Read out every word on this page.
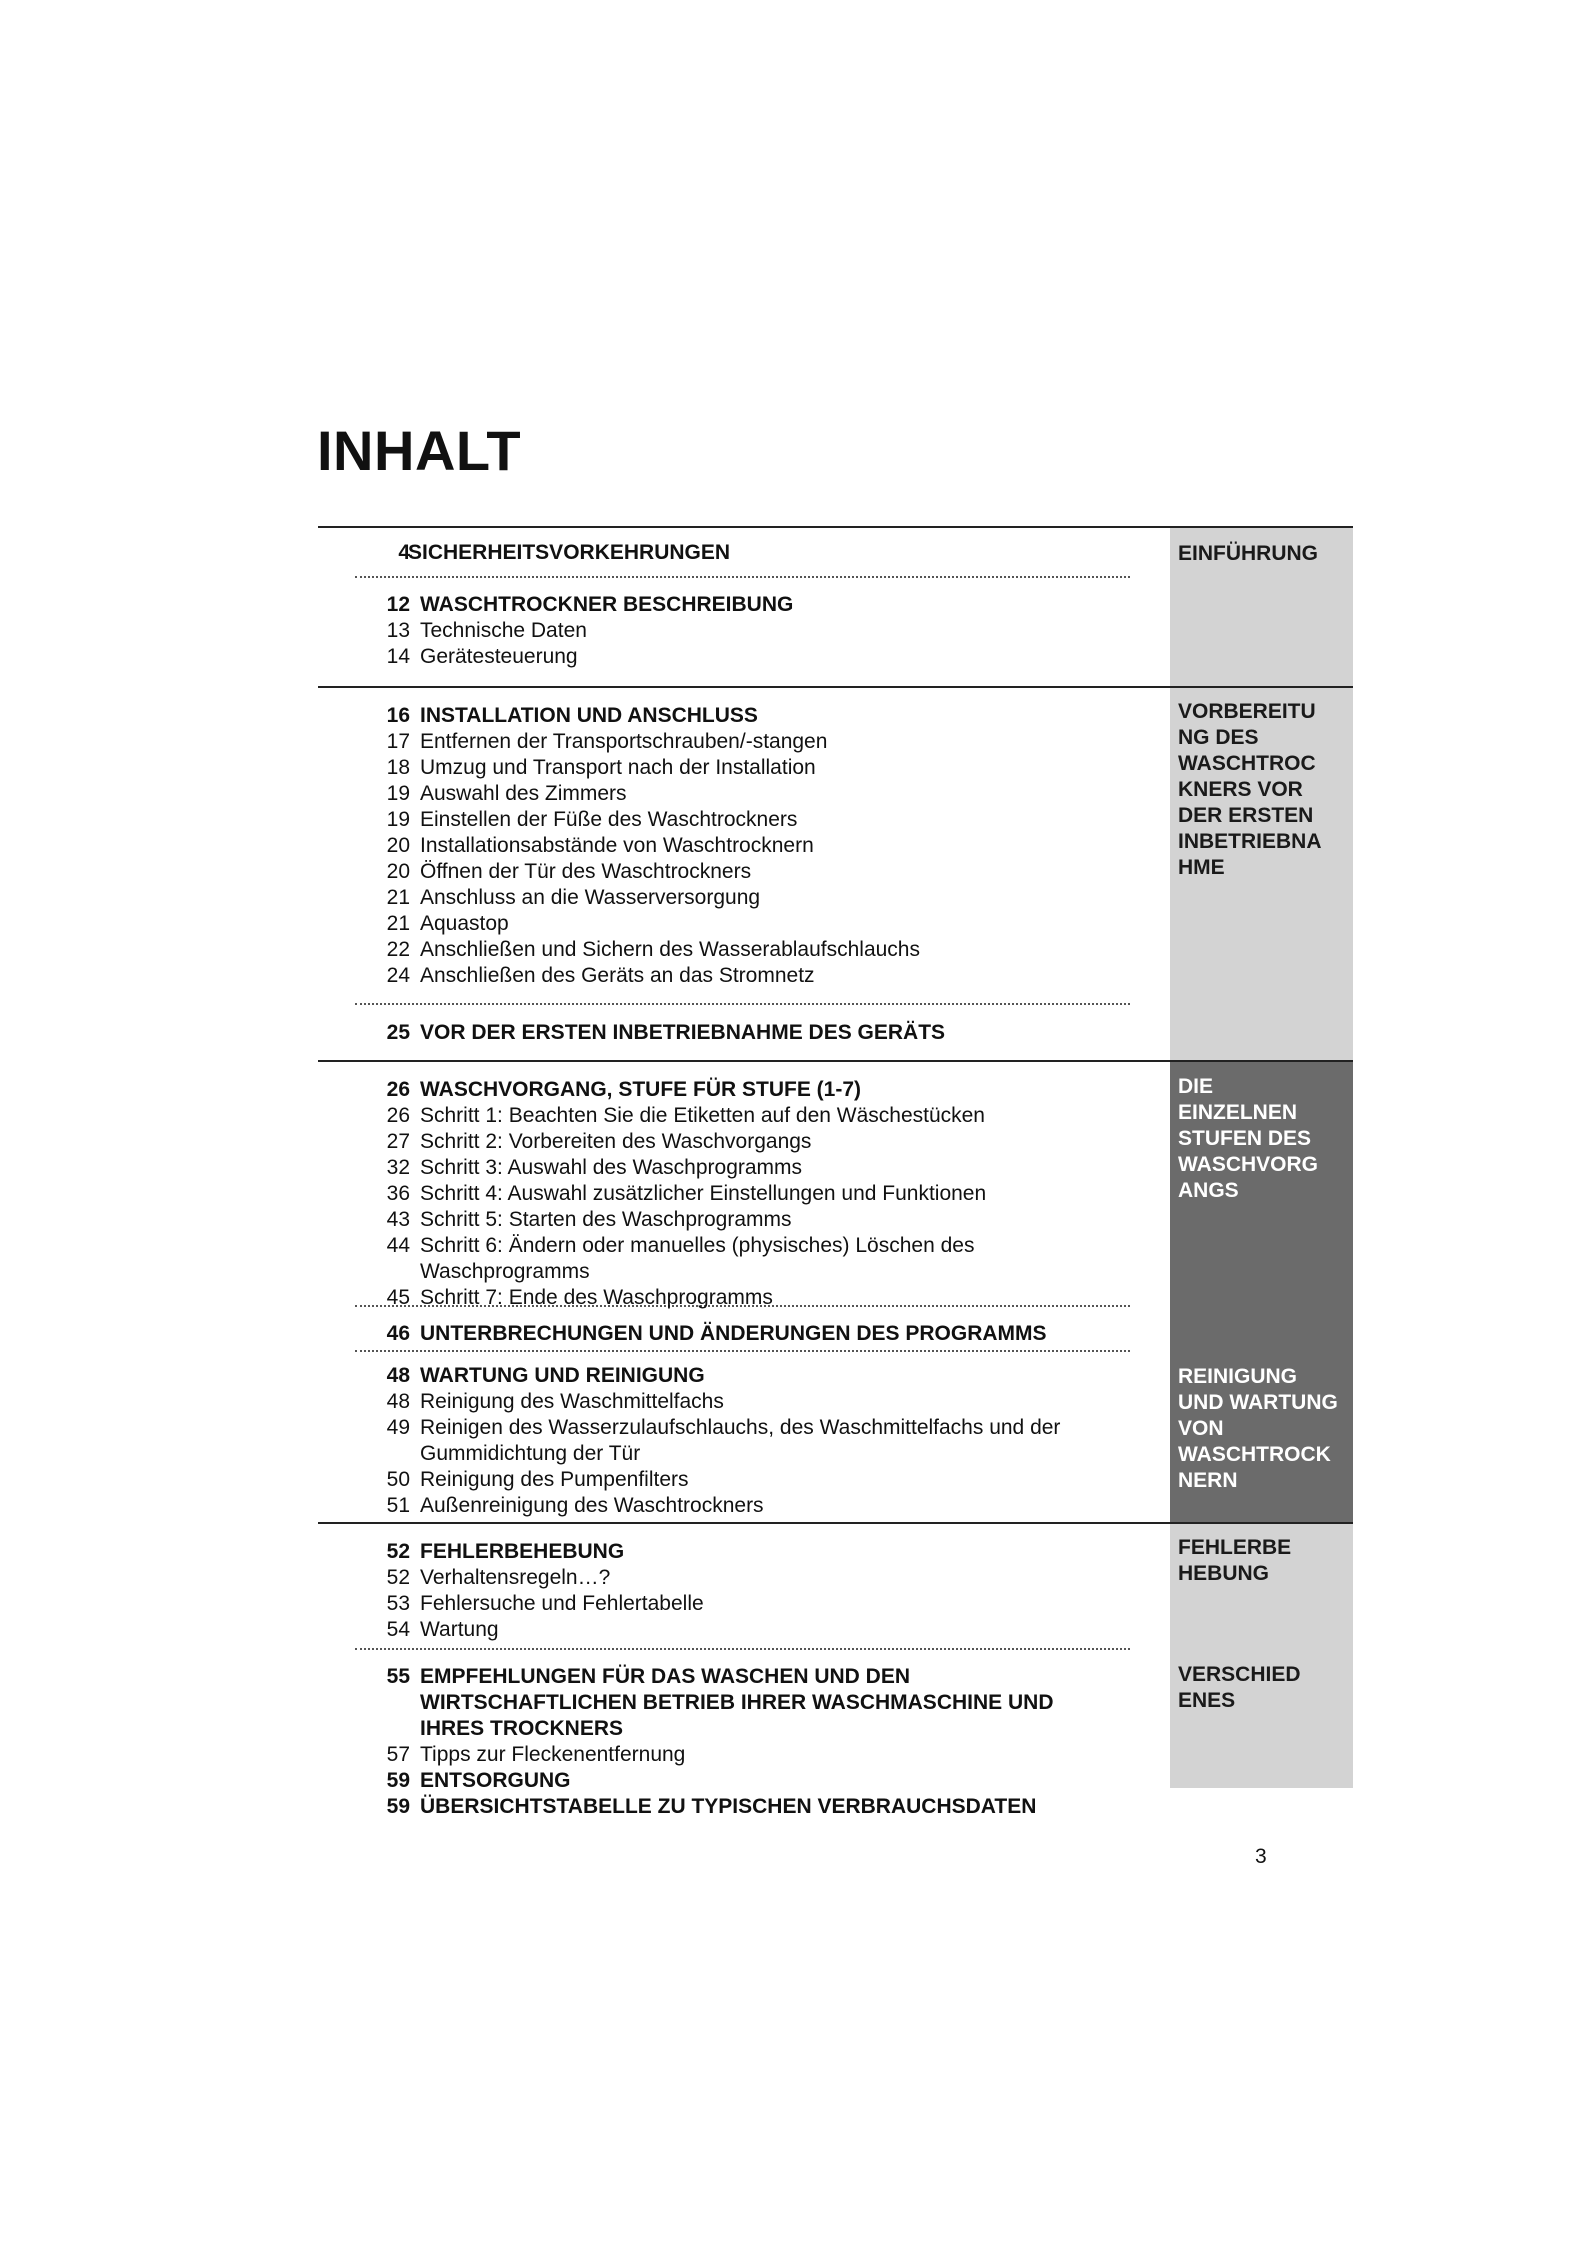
INHALT
EINFÜHRUNG
VORBEREITU
NG DES
WASCHTROC
KNERS VOR
DER ERSTEN
INBETRIEBNA
HME
DIE
EINZELNEN
STUFEN DES
WASCHVORG
ANGS
REINIGUNG
UND WARTUNG
VON
WASCHTROCK
NERN
FEHLERBE
HEBUNG
VERSCHIED
ENES
4
SICHERHEITSVORKEHRUNGEN
12 WASCHTROCKNER BESCHREIBUNG
13 Technische Daten
14 Gerätesteuerung
16 INSTALLATION UND ANSCHLUSS
17 Entfernen der Transportschrauben/-stangen
18 Umzug und Transport nach der Installation
19 Auswahl des Zimmers
19 Einstellen der Füße des Waschtrockners
20 Installationsabstände von Waschtrocknern
20 Öffnen der Tür des Waschtrockners
21 Anschluss an die Wasserversorgung
21 Aquastop
22 Anschließen und Sichern des Wasserablaufschlauchs
24 Anschließen des Geräts an das Stromnetz
25 VOR DER ERSTEN INBETRIEBNAHME DES GERÄTS
26 WASCHVORGANG, STUFE FÜR STUFE (1-7)
26 Schritt 1: Beachten Sie die Etiketten auf den Wäschestücken
27 Schritt 2: Vorbereiten des Waschvorgangs
32 Schritt 3: Auswahl des Waschprogramms
36 Schritt 4: Auswahl zusätzlicher Einstellungen und Funktionen
43 Schritt 5: Starten des Waschprogramms
44 Schritt 6: Ändern oder manuelles (physisches) Löschen des Waschprogramms
45 Schritt 7: Ende des Waschprogramms
46 UNTERBRECHUNGEN UND ÄNDERUNGEN DES PROGRAMMS
48 WARTUNG UND REINIGUNG
48 Reinigung des Waschmittelfachs
49 Reinigen des Wasserzulaufschlauchs, des Waschmittelfachs und der Gummidichtung der Tür
50 Reinigung des Pumpenfilters
51 Außenreinigung des Waschtrockners
52 FEHLERBEHEBUNG
52 Verhaltensregeln…?
53 Fehlersuche und Fehlertabelle
54 Wartung
55 EMPFEHLUNGEN FÜR DAS WASCHEN UND DEN WIRTSCHAFTLICHEN BETRIEB IHRER WASCHMASCHINE UND IHRES TROCKNERS
57 Tipps zur Fleckenentfernung
59 ENTSORGUNG
59 ÜBERSICHTSTABELLE ZU TYPISCHEN VERBRAUCHSDATEN
3
